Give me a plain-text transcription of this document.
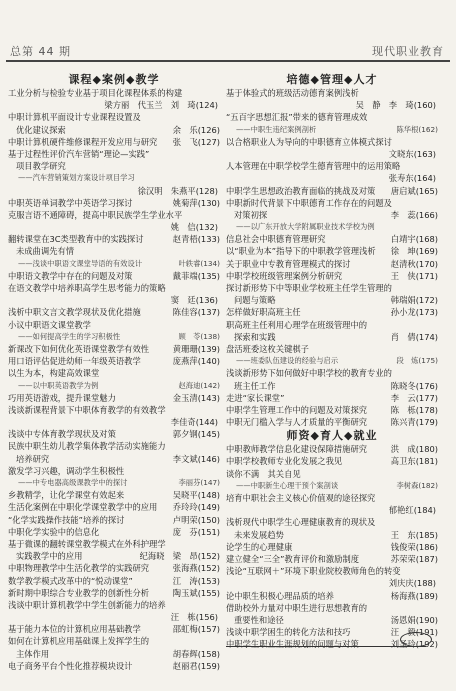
总第 44 期	现代职业教育
课程◆案例◆教学
工业分析与检验专业基于项目化课程体系的构建
梁方丽　代玉兰　刘　琦(124)
中职计算机平面设计专业课程设置及
优化建议探索	余　乐(126)
中职计算机硬件维修课程开发应用与研究	张　飞(127)
基于过程性评价汽车营销“理论—实践”
项目教学研究
——汽车营销策划方案设计项目学习
徐汉明　朱燕平(128)
中职英语单词教学中英语学习探讨	姚菊萍(130)
克服言语不通障碍，提高中职民族学生学业水平
姚　信(132)
翻转课堂在3C类型教育中的实践探讨	赵青梧(133)
未成曲调先有情
——浅谈中职语文课堂导语的有效设计	叶轶睿(134)
中职语文教学中存在的问题及对策	戴菲端(135)
在语文教学中培养职高学生思考能力的策略
窦　廷(136)
浅析中职文言文教学现状及优化措施	陈佳容(137)
小议中职语文课堂教学
——如何提高学生的学习积极性	顾　苓(138)
新课改下如何优化英语课堂教学有效性	黄珊珊(139)
用口语评估促进幼师一年级英语教学	庞燕萍(140)
以生为本，构建高效课堂
——以中职英语教学为例	赵海迪(142)
巧用英语游戏，提升课堂魅力	金玉清(143)
浅谈新课程背景下中职体育教学的有效教学
李佳奇(144)
浅谈中专体育教学现状及对策	郭夕钢(145)
民族中职生幼儿教学集体教学活动实施能力
培养研究	李文斌(146)
激发学习兴趣，调动学生积极性
——中专电器高级课教学中的探讨	李丽芬(147)
乡教精学，让化学课堂有效起来	吴晓平(148)
生活化案例在中职化学课堂教学中的应用	乔玲玲(149)
“化学实践操作技能”培养的探讨	卢明荣(150)
中职化学实验中的信息化	庞　芬(151)
基于微课的翻转课堂教学模式在外科护理学
实践教学中的应用	纪海晓　梁　昂(152)
中职物理教学中生活化教学的实践研究	张海燕(152)
数学教学模式改革中的“悦动课堂”	江　涛(153)
新时期中职综合专业教学的创新性分析	陶玉斌(155)
浅谈中职计算机教学中学生创新能力的培养
汪　栋(156)
基于能力本位的计算机应用基础教学	邵虹梅(157)
如何在计算机应用基础课上发挥学生的
主体作用	胡春辉(158)
电子商务平台个性化推荐模块设计	赵丽君(159)
培德◆管理◆人才
基于体验式的班级活动德育案例浅析
吴　静　李　琦(160)
“五百字思想汇报”带来的德育管理成效
——中职生违纪案例剖析	陈华根(162)
以合格职业人为导向的中职德育立体模式探讨
文晓东(163)
人本管理在中职学校学生德育管理中的运用策略
张寿东(164)
中职学生思想政治教育面临的挑战及对策	唐启斌(165)
中职新时代背景下中职德育工作存在的问题及
对策初探	李　蕊(166)
——以广东开放大学附属职业技术学校为例
信息社会中职德育管理研究	白靖宇(168)
以“职业为本”指导下的中职教学管理浅析	徐　坤(169)
关于职业中专教育管理模式的探讨	赵清秋(170)
中职学校班级管理案例分析研究	王　侠(171)
探讨新形势下中等职业学校班主任学生管理的
问题与策略	韩瑞娟(172)
怎样做好职高班主任	孙小龙(173)
职高班主任利用心理学在班级管理中的
探索和实践	肖　倩(174)
盘活班委这枚关键棋子
——班委队伍建设的经验与启示	段　炼(175)
浅谈新形势下如何做好中职学校的教育专业的
班主任工作	陈晓冬(176)
走进“家长课堂”	李　云(177)
中职学生管理工作中的问题及对策探究	陈　栎(178)
中职无门槛入学与人才质量的平衡研究	陈兴青(179)
师资◆育人◆就业
中职教师教学信息化建设保障措施研究	洪　成(180)
中职学校教师专业化发展之我见	高卫东(181)
谈你不满　其关自见
——中职新生心理干预个案剖谈	李树森(182)
培育中职社会主义核心价值观的途径探究
郁艳红(184)
浅析现代中职学生心理健康教育的现状及
未来发展趋势	王　东(185)
论学生的心理健康	钱俊荣(186)
建立健全“三全”教育评价和激励制度	苏荣荣(187)
浅论“互联网＋”环境下职业院校教师角色的转变
刘庆庆(188)
论中职生积极心理品质的培养	杨海燕(189)
借助校外力量对中职生进行思想教育的
重要性和途径	汤恩娟(190)
浅谈中职学困生的转化方法和技巧	汪　毅(191)
中职学生职业生涯规划的问题与对策	刘圣玲(192)
